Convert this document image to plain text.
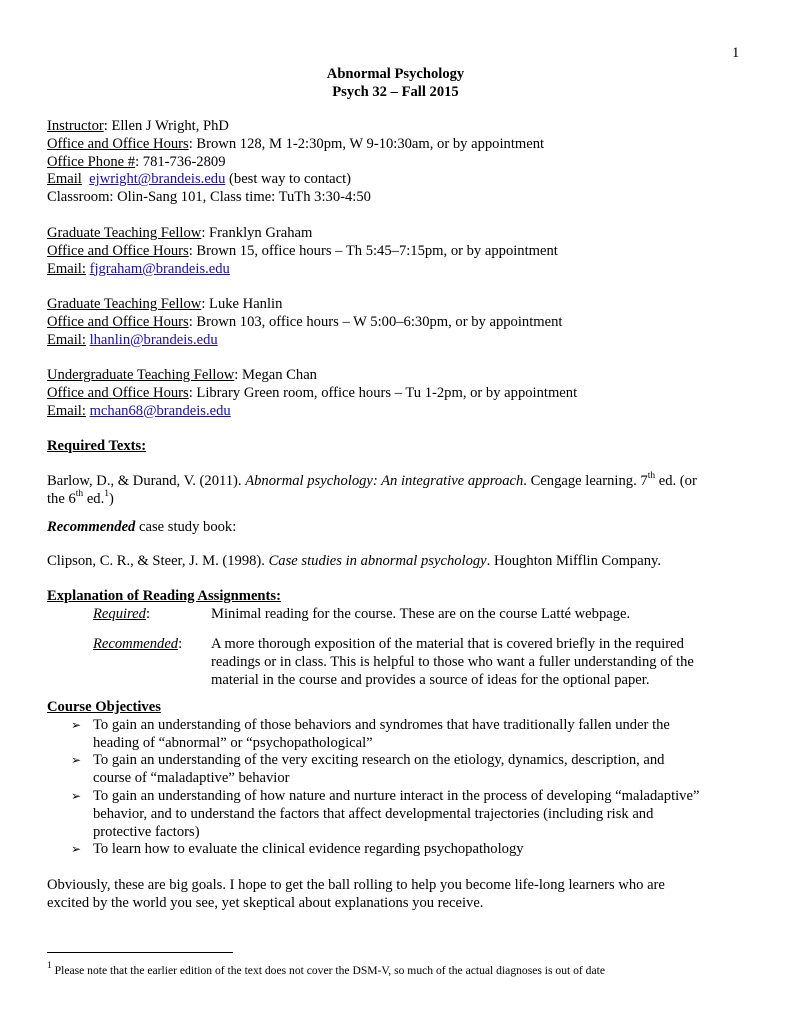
1
Abnormal Psychology
Psych 32 – Fall 2015
Instructor: Ellen J Wright, PhD
Office and Office Hours: Brown 128, M 1-2:30pm, W 9-10:30am, or by appointment
Office Phone #: 781-736-2809
Email ejwright@brandeis.edu (best way to contact)
Classroom: Olin-Sang 101, Class time: TuTh 3:30-4:50
Graduate Teaching Fellow: Franklyn Graham
Office and Office Hours: Brown 15, office hours – Th 5:45–7:15pm, or by appointment
Email: fjgraham@brandeis.edu
Graduate Teaching Fellow: Luke Hanlin
Office and Office Hours: Brown 103, office hours – W 5:00–6:30pm, or by appointment
Email: lhanlin@brandeis.edu
Undergraduate Teaching Fellow: Megan Chan
Office and Office Hours: Library Green room, office hours – Tu 1-2pm, or by appointment
Email: mchan68@brandeis.edu
Required Texts:
Barlow, D., & Durand, V. (2011). Abnormal psychology: An integrative approach. Cengage learning. 7th ed. (or
the 6th ed.$^1$)
Recommended case study book:
Clipson, C. R., & Steer, J. M. (1998). Case studies in abnormal psychology. Houghton Mifflin Company.
Explanation of Reading Assignments:
Required:	Minimal reading for the course. These are on the course Latté webpage.
Recommended:	A more thorough exposition of the material that is covered briefly in the required
readings or in class. This is helpful to those who want a fuller understanding of the
material in the course and provides a source of ideas for the optional paper.
Course Objectives
➢ To gain an understanding of those behaviors and syndromes that have traditionally fallen under the
heading of “abnormal” or “psychopathological”
➢ To gain an understanding of the very exciting research on the etiology, dynamics, description, and
course of “maladaptive” behavior
➢ To gain an understanding of how nature and nurture interact in the process of developing “maladaptive”
behavior, and to understand the factors that affect developmental trajectories (including risk and
protective factors)
➢ To learn how to evaluate the clinical evidence regarding psychopathology
Obviously, these are big goals. I hope to get the ball rolling to help you become life-long learners who are
excited by the world you see, yet skeptical about explanations you receive.
$^1$ Please note that the earlier edition of the text does not cover the DSM-V, so much of the actual diagnoses is out of date
